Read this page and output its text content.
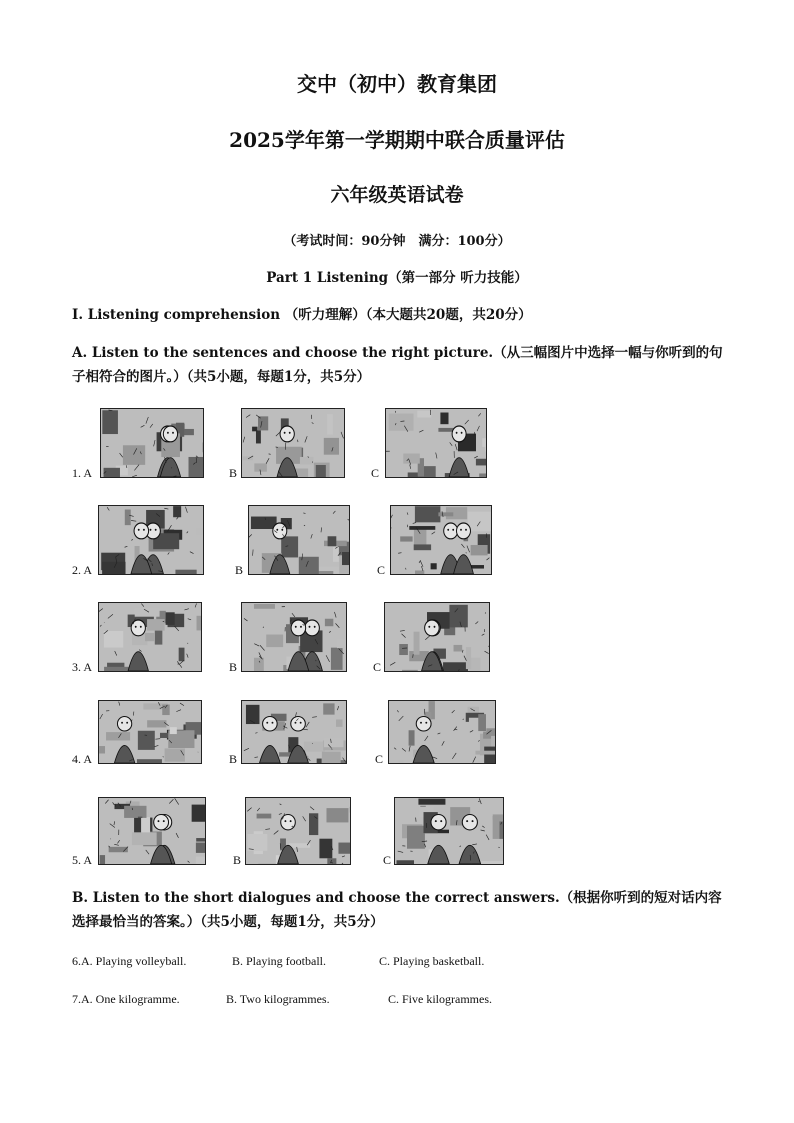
交中（初中）教育集团
2025学年第一学期期中联合质量评估
六年级英语试卷
（考试时间：90分钟　满分：100分）
Part 1 Listening（第一部分 听力技能）
I. Listening comprehension （听力理解）（本大题共20题，共20分）
A. Listen to the sentences and choose the right picture.（从三幅图片中选择一幅与你听到的句子相符合的图片。）（共5小题，每题1分，共5分）
1. A	B	C
2. A	B	C
3. A	B	C
4. A	B	C
5. A	B	C
B. Listen to the short dialogues and choose the correct answers.（根据你听到的短对话内容选择最恰当的答案。）（共5小题，每题1分，共5分）
6.A. Playing volleyball.	B. Playing football.	C. Playing basketball.
7.A. One kilogramme.	B. Two kilogrammes.	C. Five kilogrammes.
